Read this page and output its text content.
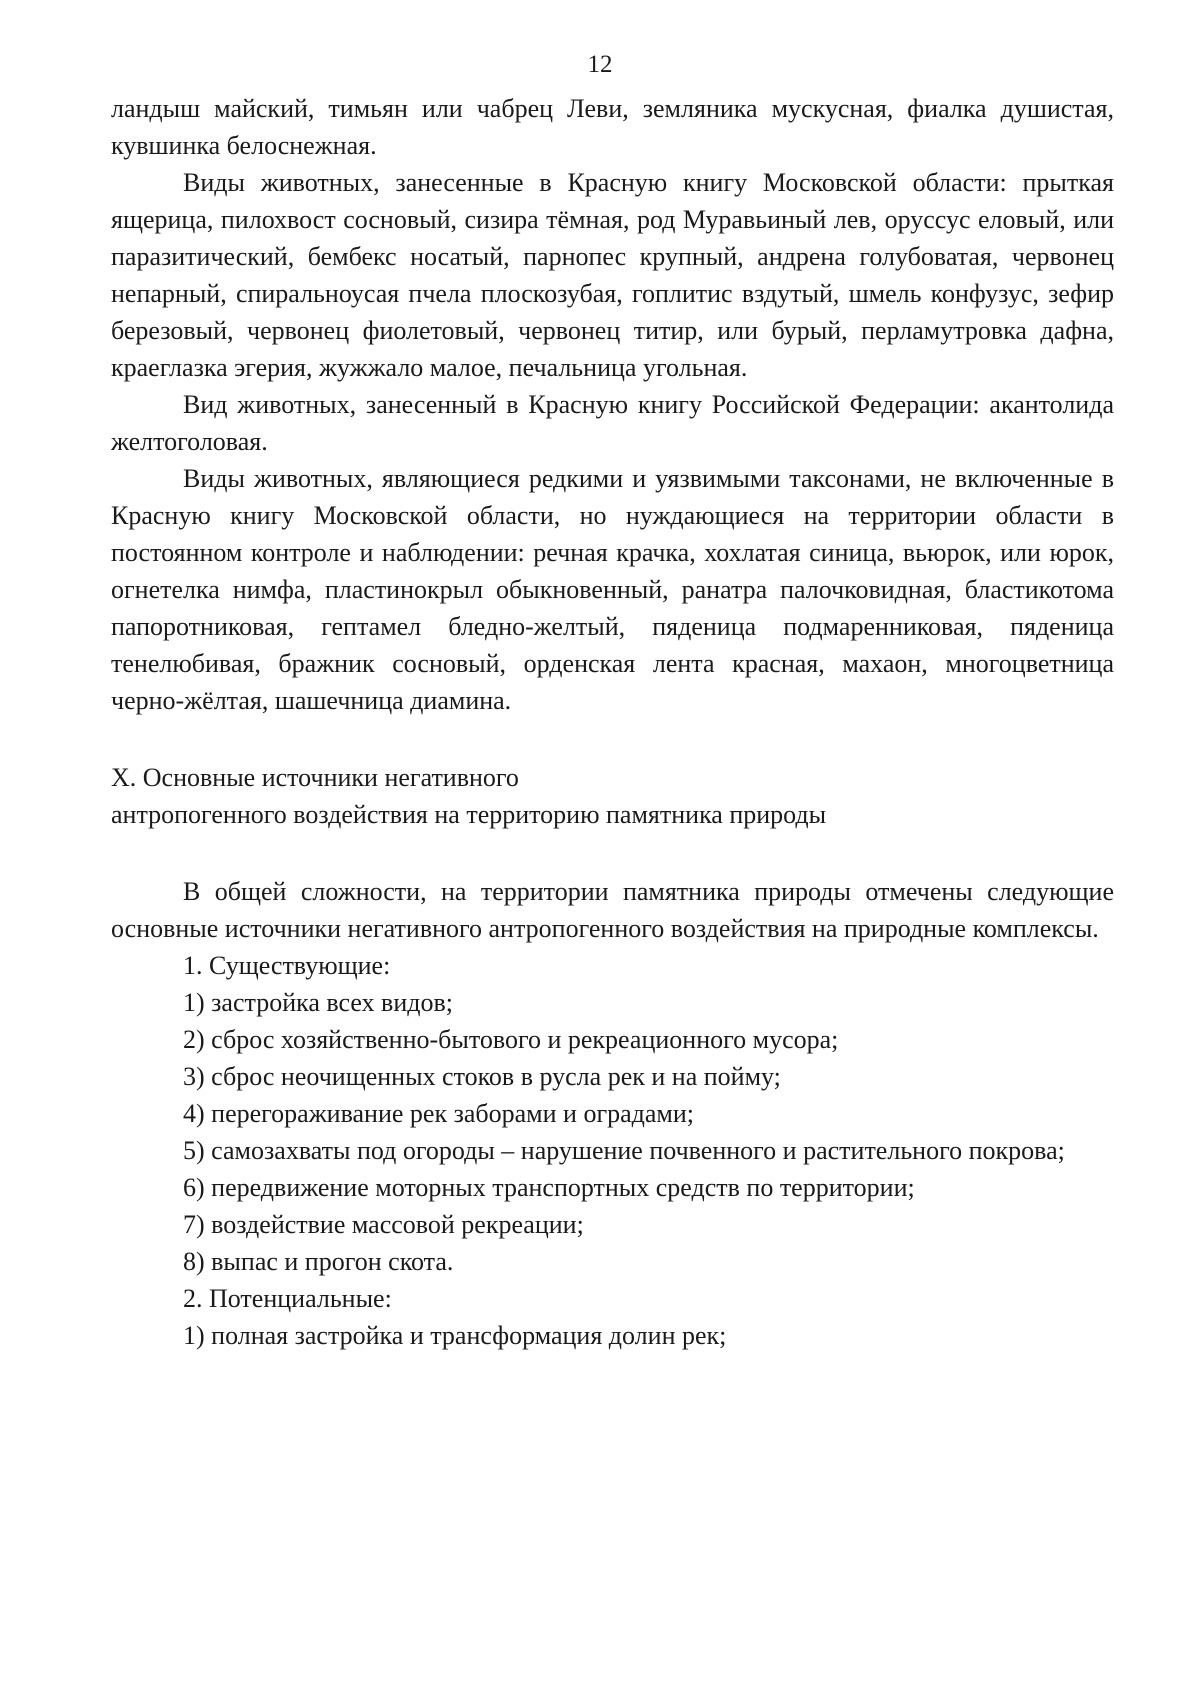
12

ландыш майский, тимьян или чабрец Леви, земляника мускусная, фиалка душистая, кувшинка белоснежная.

Виды животных, занесенные в Красную книгу Московской области: прыткая ящерица, пилохвост сосновый, сизира тёмная, род Муравьиный лев, оруссус еловый, или паразитический, бембекс носатый, парнопес крупный, андрена голубоватая, червонец непарный, спиральноусая пчела плоскозубая, гоплитис вздутый, шмель конфузус, зефир березовый, червонец фиолетовый, червонец титир, или бурый, перламутровка дафна, краеглазка эгерия, жужжало малое, печальница угольная.

Вид животных, занесенный в Красную книгу Российской Федерации: акантолида желтоголовая.

Виды животных, являющиеся редкими и уязвимыми таксонами, не включенные в Красную книгу Московской области, но нуждающиеся на территории области в постоянном контроле и наблюдении: речная крачка, хохлатая синица, вьюрок, или юрок, огнетелка нимфа, пластинокрыл обыкновенный, ранатра палочковидная, бластикотома папоротниковая, гептамел бледно-желтый, пяденица подмаренниковая, пяденица тенелюбивая, бражник сосновый, орденская лента красная, махаон, многоцветница черно-жёлтая, шашечница диамина.

X. Основные источники негативного

антропогенного воздействия на территорию памятника природы

В общей сложности, на территории памятника природы отмечены следующие основные источники негативного антропогенного воздействия на природные комплексы.

1. Существующие:

1) застройка всех видов;

2) сброс хозяйственно-бытового и рекреационного мусора;

3) сброс неочищенных стоков в русла рек и на пойму;

4) перегораживание рек заборами и оградами;

5) самозахваты под огороды – нарушение почвенного и растительного покрова;

6) передвижение моторных транспортных средств по территории;

7) воздействие массовой рекреации;

8) выпас и прогон скота.

2. Потенциальные:

1) полная застройка и трансформация долин рек;
